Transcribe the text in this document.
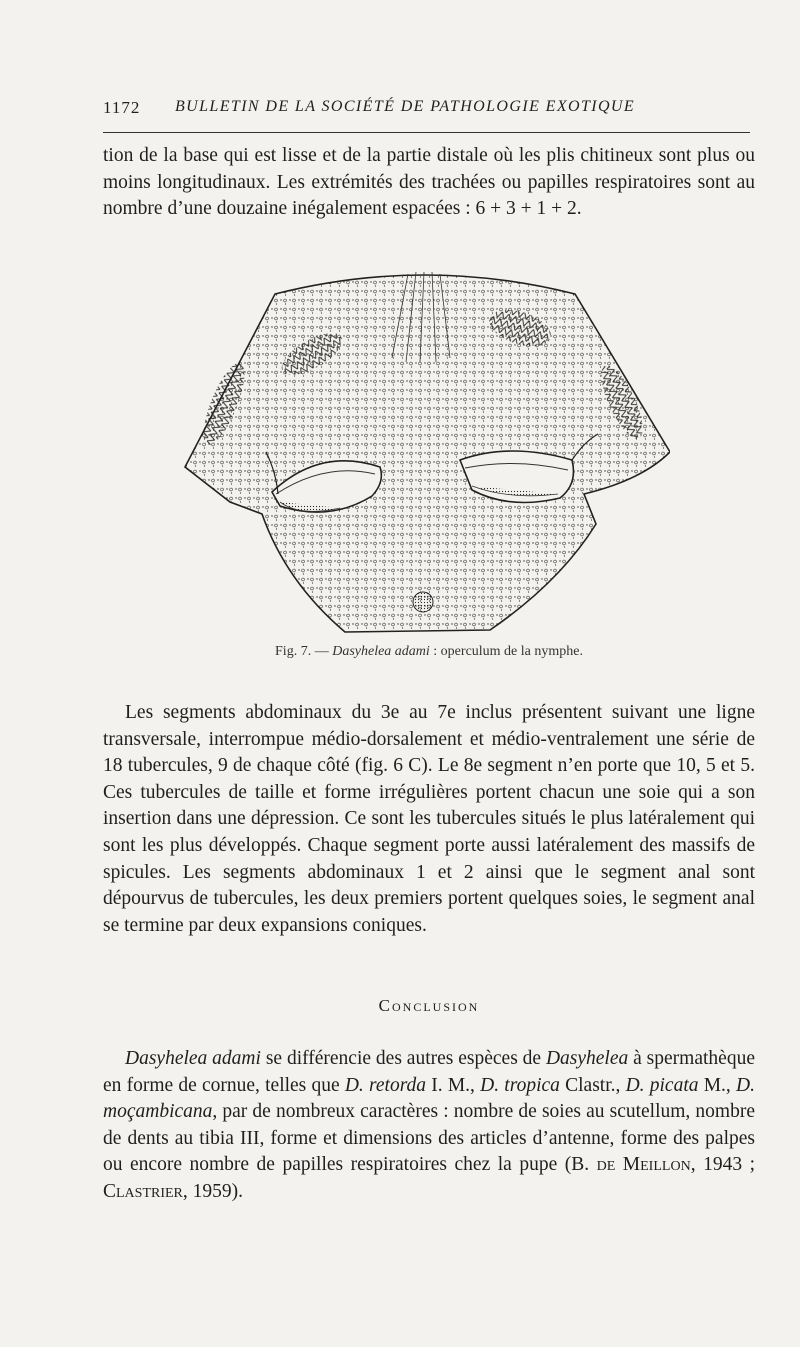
1172 BULLETIN DE LA SOCIÉTÉ DE PATHOLOGIE EXOTIQUE

tion de la base qui est lisse et de la partie distale où les plis chitineux sont plus ou moins longitudinaux. Les extrémités des trachées ou papilles respiratoires sont au nombre d’une douzaine inégalement espacées : 6 + 3 + 1 + 2.

Fig. 7. — Dasyhelea adami : operculum de la nymphe.

Les segments abdominaux du 3e au 7e inclus présentent suivant une ligne transversale, interrompue médio-dorsalement et médio-ventralement une série de 18 tubercules, 9 de chaque côté (fig. 6 C). Le 8e segment n’en porte que 10, 5 et 5. Ces tubercules de taille et forme irrégulières portent chacun une soie qui a son insertion dans une dépression. Ce sont les tubercules situés le plus latéralement qui sont les plus développés. Chaque segment porte aussi latéralement des massifs de spicules. Les segments abdominaux 1 et 2 ainsi que le segment anal sont dépourvus de tubercules, les deux premiers portent quelques soies, le segment anal se termine par deux expansions coniques.

Conclusion

Dasyhelea adami se différencie des autres espèces de Dasyhelea à spermathèque en forme de cornue, telles que D. retorda I. M., D. tropica Clastr., D. picata M., D. moçambicana, par de nombreux caractères : nombre de soies au scutellum, nombre de dents au tibia III, forme et dimensions des articles d’antenne, forme des palpes ou encore nombre de papilles respiratoires chez la pupe (B. de Meillon, 1943 ; Clastrier, 1959).
